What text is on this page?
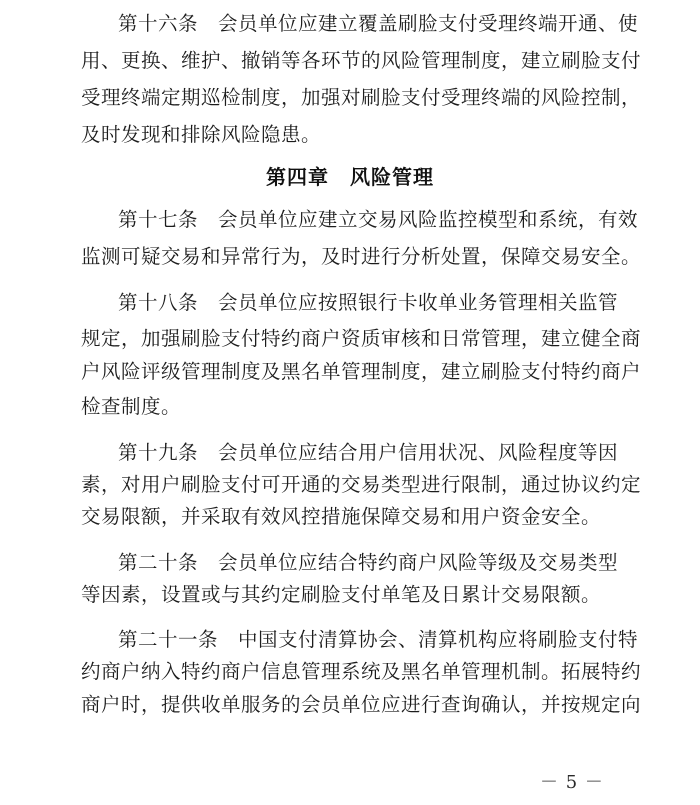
第十六条　会员单位应建立覆盖刷脸支付受理终端开通、使
用、更换、维护、撤销等各环节的风险管理制度，建立刷脸支付
受理终端定期巡检制度，加强对刷脸支付受理终端的风险控制，
及时发现和排除风险隐患。
第四章　风险管理
第十七条　会员单位应建立交易风险监控模型和系统，有效
监测可疑交易和异常行为，及时进行分析处置，保障交易安全。
第十八条　会员单位应按照银行卡收单业务管理相关监管
规定，加强刷脸支付特约商户资质审核和日常管理，建立健全商
户风险评级管理制度及黑名单管理制度，建立刷脸支付特约商户
检查制度。
第十九条　会员单位应结合用户信用状况、风险程度等因
素，对用户刷脸支付可开通的交易类型进行限制，通过协议约定
交易限额，并采取有效风控措施保障交易和用户资金安全。
第二十条　会员单位应结合特约商户风险等级及交易类型
等因素，设置或与其约定刷脸支付单笔及日累计交易限额。
第二十一条　中国支付清算协会、清算机构应将刷脸支付特
约商户纳入特约商户信息管理系统及黑名单管理机制。拓展特约
商户时，提供收单服务的会员单位应进行查询确认，并按规定向
－ 5 －
